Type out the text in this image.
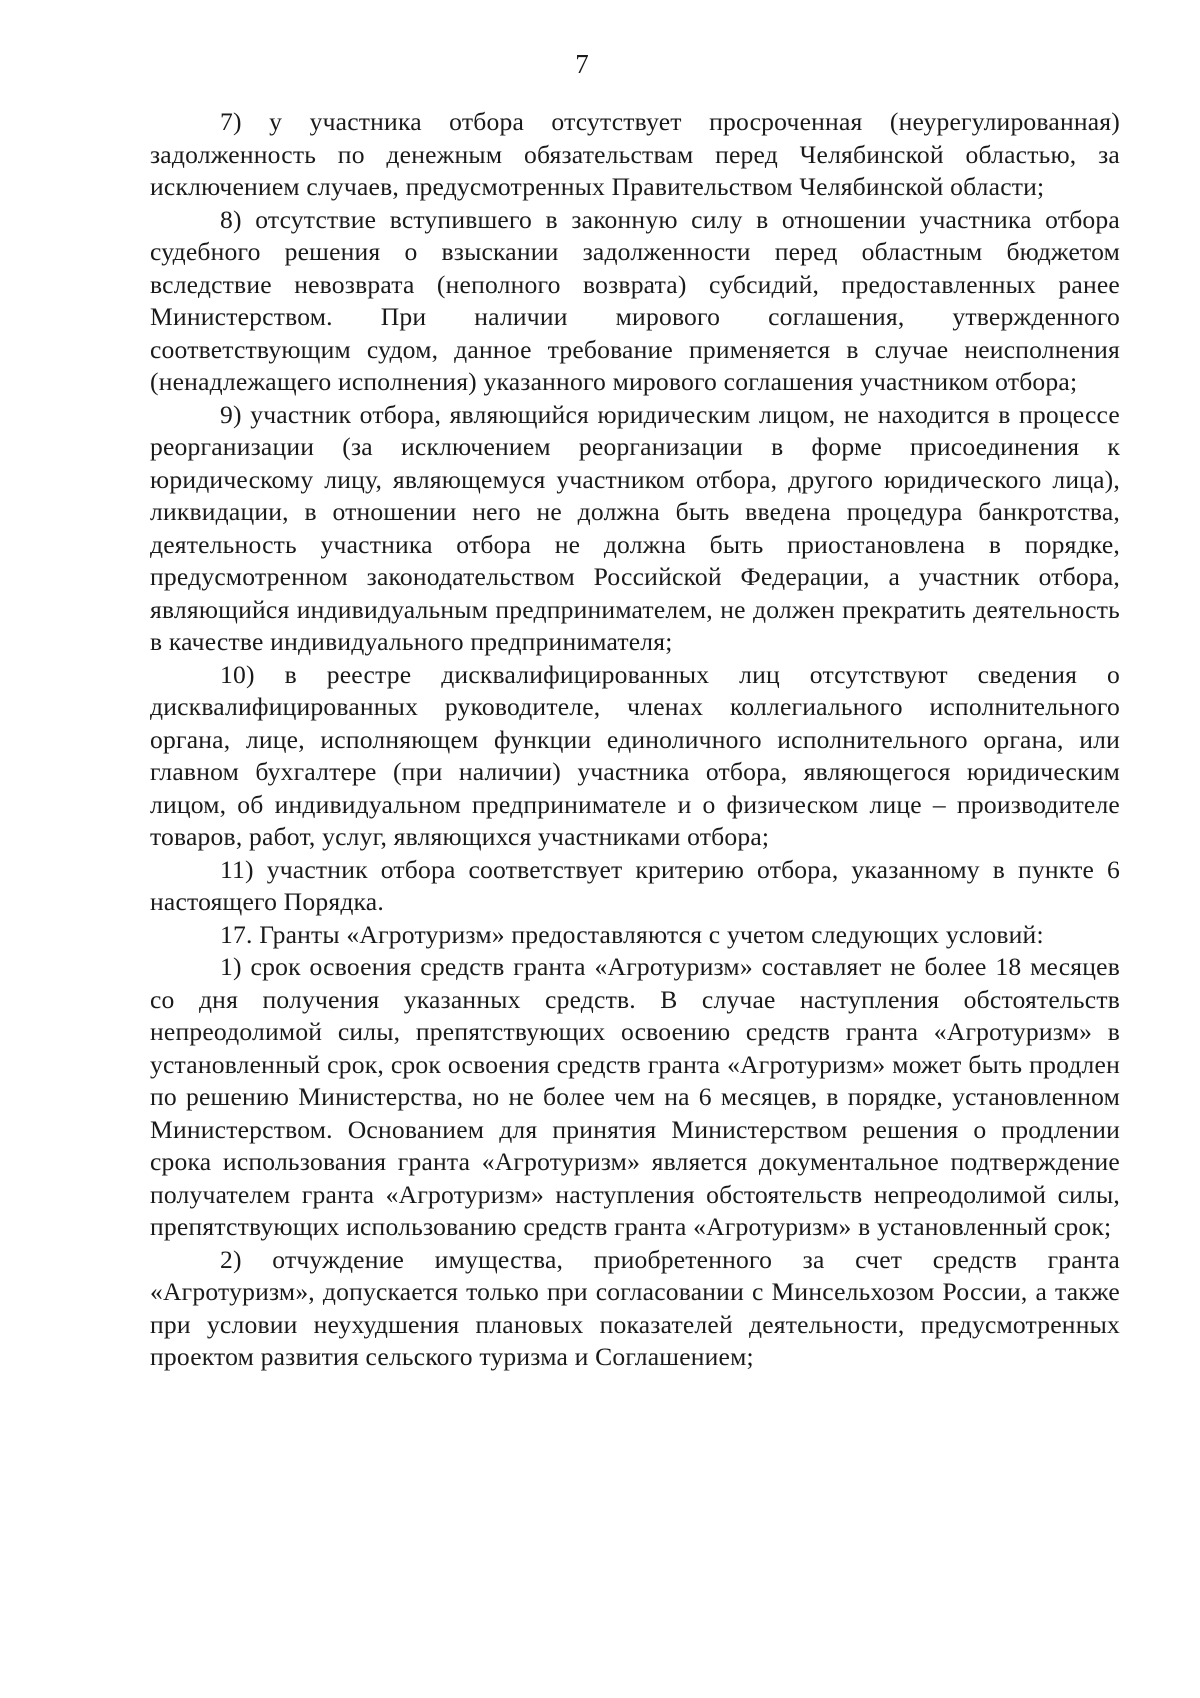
7

7) у участника отбора отсутствует просроченная (неурегулированная) задолженность по денежным обязательствам перед Челябинской областью, за исключением случаев, предусмотренных Правительством Челябинской области;

8) отсутствие вступившего в законную силу в отношении участника отбора судебного решения о взыскании задолженности перед областным бюджетом вследствие невозврата (неполного возврата) субсидий, предоставленных ранее Министерством. При наличии мирового соглашения, утвержденного соответствующим судом, данное требование применяется в случае неисполнения (ненадлежащего исполнения) указанного мирового соглашения участником отбора;

9) участник отбора, являющийся юридическим лицом, не находится в процессе реорганизации (за исключением реорганизации в форме присоединения к юридическому лицу, являющемуся участником отбора, другого юридического лица), ликвидации, в отношении него не должна быть введена процедура банкротства, деятельность участника отбора не должна быть приостановлена в порядке, предусмотренном законодательством Российской Федерации, а участник отбора, являющийся индивидуальным предпринимателем, не должен прекратить деятельность в качестве индивидуального предпринимателя;

10) в реестре дисквалифицированных лиц отсутствуют сведения о дисквалифицированных руководителе, членах коллегиального исполнительного органа, лице, исполняющем функции единоличного исполнительного органа, или главном бухгалтере (при наличии) участника отбора, являющегося юридическим лицом, об индивидуальном предпринимателе и о физическом лице – производителе товаров, работ, услуг, являющихся участниками отбора;

11) участник отбора соответствует критерию отбора, указанному в пункте 6 настоящего Порядка.

17. Гранты «Агротуризм» предоставляются с учетом следующих условий:

1) срок освоения средств гранта «Агротуризм» составляет не более 18 месяцев со дня получения указанных средств. В случае наступления обстоятельств непреодолимой силы, препятствующих освоению средств гранта «Агротуризм» в установленный срок, срок освоения средств гранта «Агротуризм» может быть продлен по решению Министерства, но не более чем на 6 месяцев, в порядке, установленном Министерством. Основанием для принятия Министерством решения о продлении срока использования гранта «Агротуризм» является документальное подтверждение получателем гранта «Агротуризм» наступления обстоятельств непреодолимой силы, препятствующих использованию средств гранта «Агротуризм» в установленный срок;

2) отчуждение имущества, приобретенного за счет средств гранта «Агротуризм», допускается только при согласовании с Минсельхозом России, а также при условии неухудшения плановых показателей деятельности, предусмотренных проектом развития сельского туризма и Соглашением;
